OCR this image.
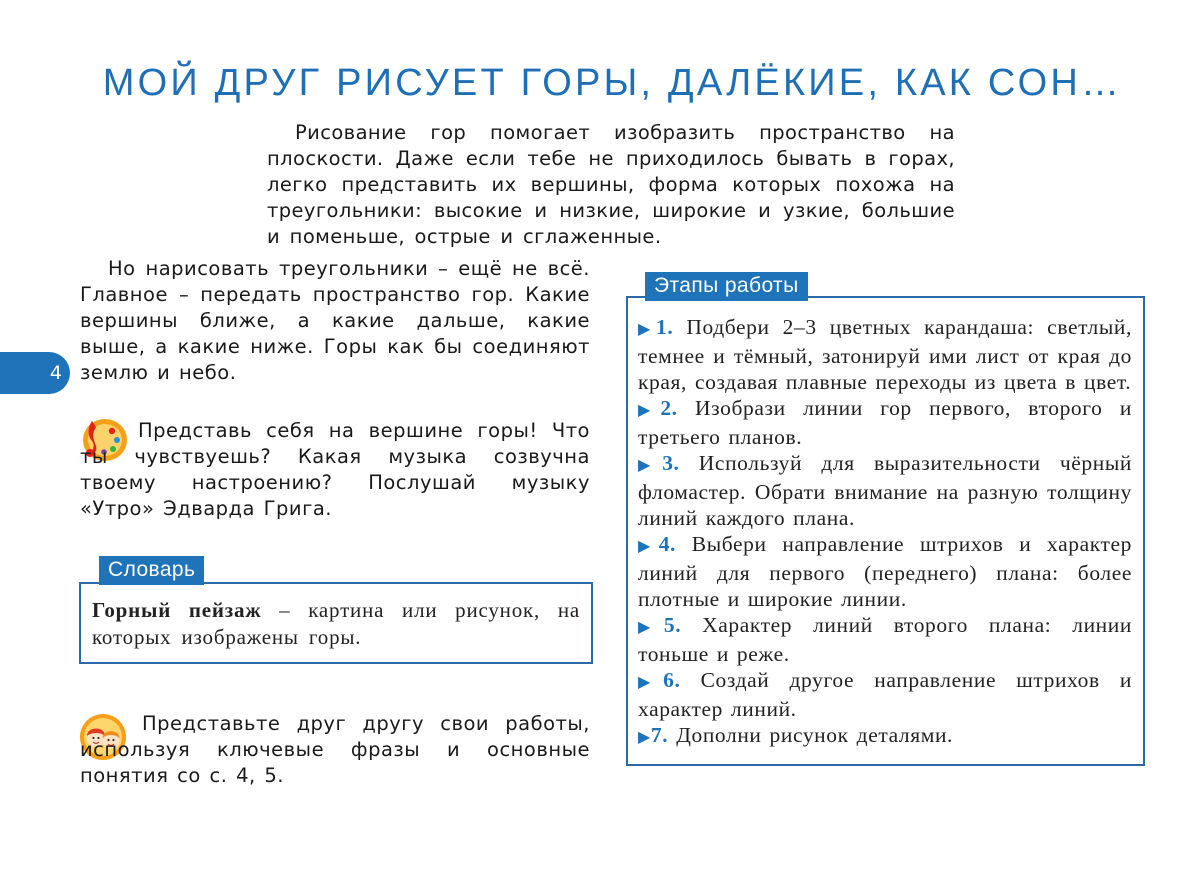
МОЙ ДРУГ РИСУЕТ ГОРЫ, ДАЛЁКИЕ, КАК СОН…
Рисование гор помогает изобразить пространство на плоскости. Даже если тебе не приходилось бывать в горах, легко представить их вершины, форма которых похожа на треугольники: высокие и низкие, широкие и узкие, большие и поменьше, острые и сглаженные.
Но нарисовать треугольники – ещё не всё. Главное – передать пространство гор. Какие вершины ближе, а какие дальше, какие выше, а какие ниже. Горы как бы соединяют землю и небо.
4
Представь себя на вершине горы! Что ты чувствуешь? Какая музыка созвучна твоему настроению? Послушай музыку «Утро» Эдварда Грига.
Словарь
Горный пейзаж – картина или рисунок, на которых изображены горы.
Представьте друг другу свои работы, используя ключевые фразы и основные понятия со с. 4, 5.
Этапы работы
▶1. Подбери 2–3 цветных карандаша: светлый, темнее и тёмный, затонируй ими лист от края до края, создавая плавные переходы из цвета в цвет.
▶2. Изобрази линии гор первого, второго и третьего планов.
▶3. Используй для выразительности чёрный фломастер. Обрати внимание на разную толщину линий каждого плана.
▶4. Выбери направление штрихов и характер линий для первого (переднего) плана: более плотные и широкие линии.
▶5. Характер линий второго плана: линии тоньше и реже.
▶6. Создай другое направление штрихов и характер линий.
▶7. Дополни рисунок деталями.
